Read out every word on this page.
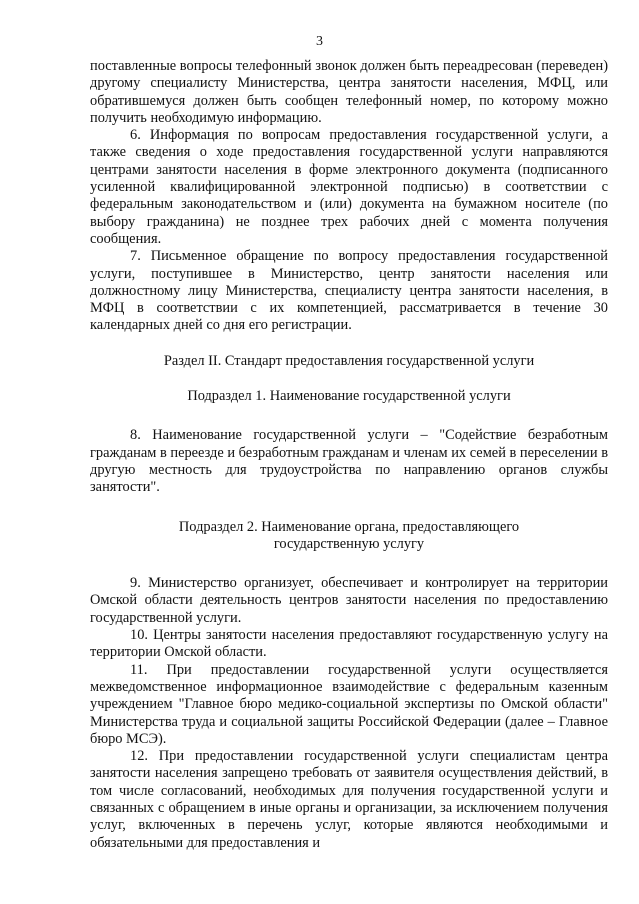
3

поставленные вопросы телефонный звонок должен быть переадресован (переведен) другому специалисту Министерства, центра занятости населения, МФЦ, или обратившемуся должен быть сообщен телефонный номер, по которому можно получить необходимую информацию.

6. Информация по вопросам предоставления государственной услуги, а также сведения о ходе предоставления государственной услуги направляются центрами занятости населения в форме электронного документа (подписанного усиленной квалифицированной электронной подписью) в соответствии с федеральным законодательством и (или) документа на бумажном носителе (по выбору гражданина) не позднее трех рабочих дней с момента получения сообщения.

7. Письменное обращение по вопросу предоставления государственной услуги, поступившее в Министерство, центр занятости населения или должностному лицу Министерства, специалисту центра занятости населения, в МФЦ в соответствии с их компетенцией, рассматривается в течение 30 календарных дней со дня его регистрации.

Раздел II. Стандарт предоставления государственной услуги

Подраздел 1. Наименование государственной услуги

8. Наименование государственной услуги – "Содействие безработным гражданам в переезде и безработным гражданам и членам их семей в переселении в другую местность для трудоустройства по направлению органов службы занятости".

Подраздел 2. Наименование органа, предоставляющего

государственную услугу

9. Министерство организует, обеспечивает и контролирует на территории Омской области деятельность центров занятости населения по предоставлению государственной услуги.

10. Центры занятости населения предоставляют государственную услугу на территории Омской области.

11. При предоставлении государственной услуги осуществляется межведомственное информационное взаимодействие с федеральным казенным учреждением "Главное бюро медико-социальной экспертизы по Омской области" Министерства труда и социальной защиты Российской Федерации (далее – Главное бюро МСЭ).

12. При предоставлении государственной услуги специалистам центра занятости населения запрещено требовать от заявителя осуществления действий, в том числе согласований, необходимых для получения государственной услуги и связанных с обращением в иные органы и организации, за исключением получения услуг, включенных в перечень услуг, которые являются необходимыми и обязательными для предоставления и
